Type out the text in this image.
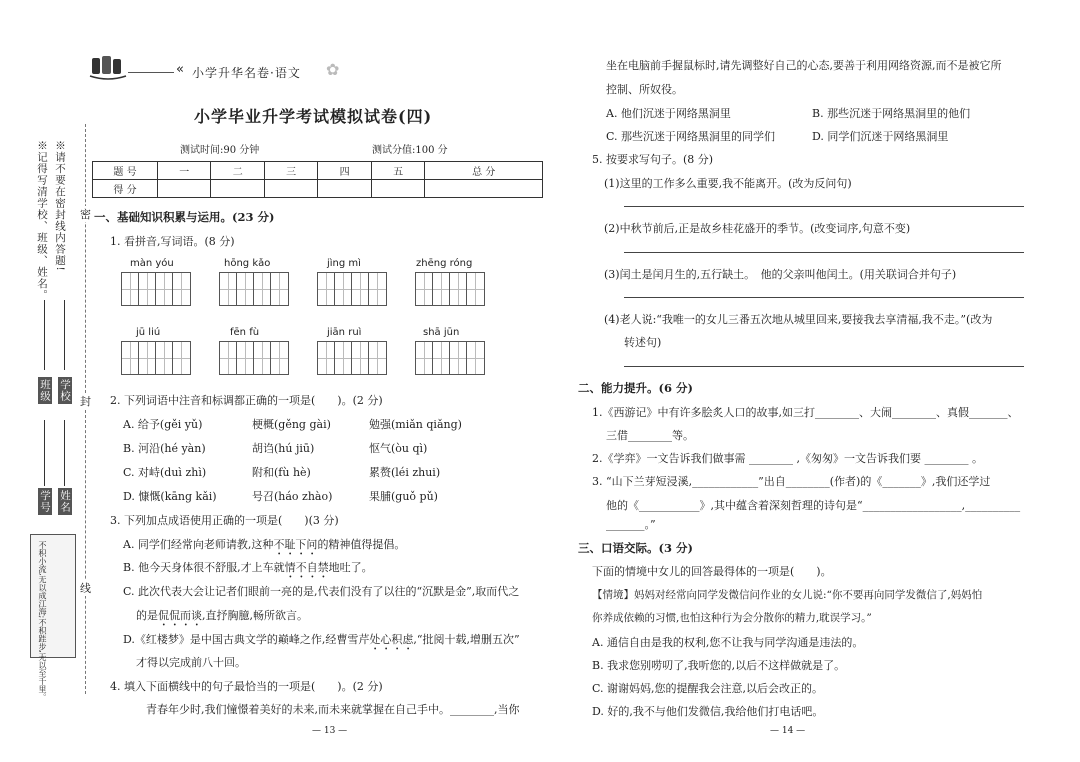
« 小学升华名卷·语文 ✿
小学毕业升学考试模拟试卷(四)
测试时间:90 分钟	测试分值:100 分
题 号	一	二	三	四	五	总 分
得 分						
※请不要在密封线内答题!
※记得写清学校、班级、姓名。	密
封
线
班级 学校
学号 姓名
不积小流,无以成江海;不积跬步,无以至千里。
一、基础知识积累与运用。(23 分)
1. 看拼音,写词语。(8 分)
màn yóu	hōng kǎo	jìng mì	zhēng róng
jū liú	fēn fù	jiān ruì	shā jūn
2. 下列词语中注音和标调都正确的一项是(　　)。(2 分)
A. 给予(gěi yǔ)	梗概(gěng gài)	勉强(miǎn qiǎng)
B. 河沿(hé yàn)	胡诌(hú jiū)	怄气(òu qì)
C. 对峙(duì zhì)	附和(fù hè)	累赘(léi zhui)
D. 慷慨(kāng kǎi)	号召(háo zhào)	果脯(guǒ pǔ)
3. 下列加点成语使用正确的一项是(　　)(3 分)
A. 同学们经常向老师请教,这种不耻下问的精神值得提倡。
B. 他今天身体很不舒服,才上车就情不自禁地吐了。
C. 此次代表大会让记者们眼前一亮的是,代表们没有了以往的“沉默是金”,取而代之
的是侃侃而谈,直抒胸臆,畅所欲言。
D.《红楼梦》是中国古典文学的巅峰之作,经曹雪芹处心积虑,“批阅十载,增删五次”
才得以完成前八十回。
4. 填入下面横线中的句子最恰当的一项是(　　)。(2 分)
青春年少时,我们憧憬着美好的未来,而未来就掌握在自己手中。________,当你
— 13 —
坐在电脑前手握鼠标时,请先调整好自己的心态,要善于利用网络资源,而不是被它所
控制、所奴役。
A. 他们沉迷于网络黑洞里	B. 那些沉迷于网络黑洞里的他们
C. 那些沉迷于网络黑洞里的同学们	D. 同学们沉迷于网络黑洞里
5. 按要求写句子。(8 分)
(1)这里的工作多么重要,我不能离开。(改为反问句)
(2)中秋节前后,正是故乡桂花盛开的季节。(改变词序,句意不变)
(3)闰土是闰月生的,五行缺土。　他的父亲叫他闰土。(用关联词合并句子)
(4)老人说:“我唯一的女儿三番五次地从城里回来,要接我去享清福,我不走。”(改为
转述句)
二、能力提升。(6 分)
1.《西游记》中有许多脍炙人口的故事,如三打________、大闹________、真假_______、
三借________等。
2.《学弈》一文告诉我们做事需 ________ ,《匆匆》一文告诉我们要 ________ 。
3. “山下兰芽短浸溪,____________”出自________(作者)的《_______》,我们还学过
他的《___________》,其中蕴含着深刻哲理的诗句是“__________________,__________
_______。”
三、口语交际。(3 分)
下面的情境中女儿的回答最得体的一项是(　　)。
【情境】妈妈对经常向同学发微信问作业的女儿说:“你不要再向同学发微信了,妈妈怕
你养成依赖的习惯,也怕这种行为会分散你的精力,耽误学习。”
A. 通信自由是我的权利,您不让我与同学沟通是违法的。
B. 我求您别唠叨了,我听您的,以后不这样做就是了。
C. 谢谢妈妈,您的提醒我会注意,以后会改正的。
D. 好的,我不与他们发微信,我给他们打电话吧。
— 14 —
